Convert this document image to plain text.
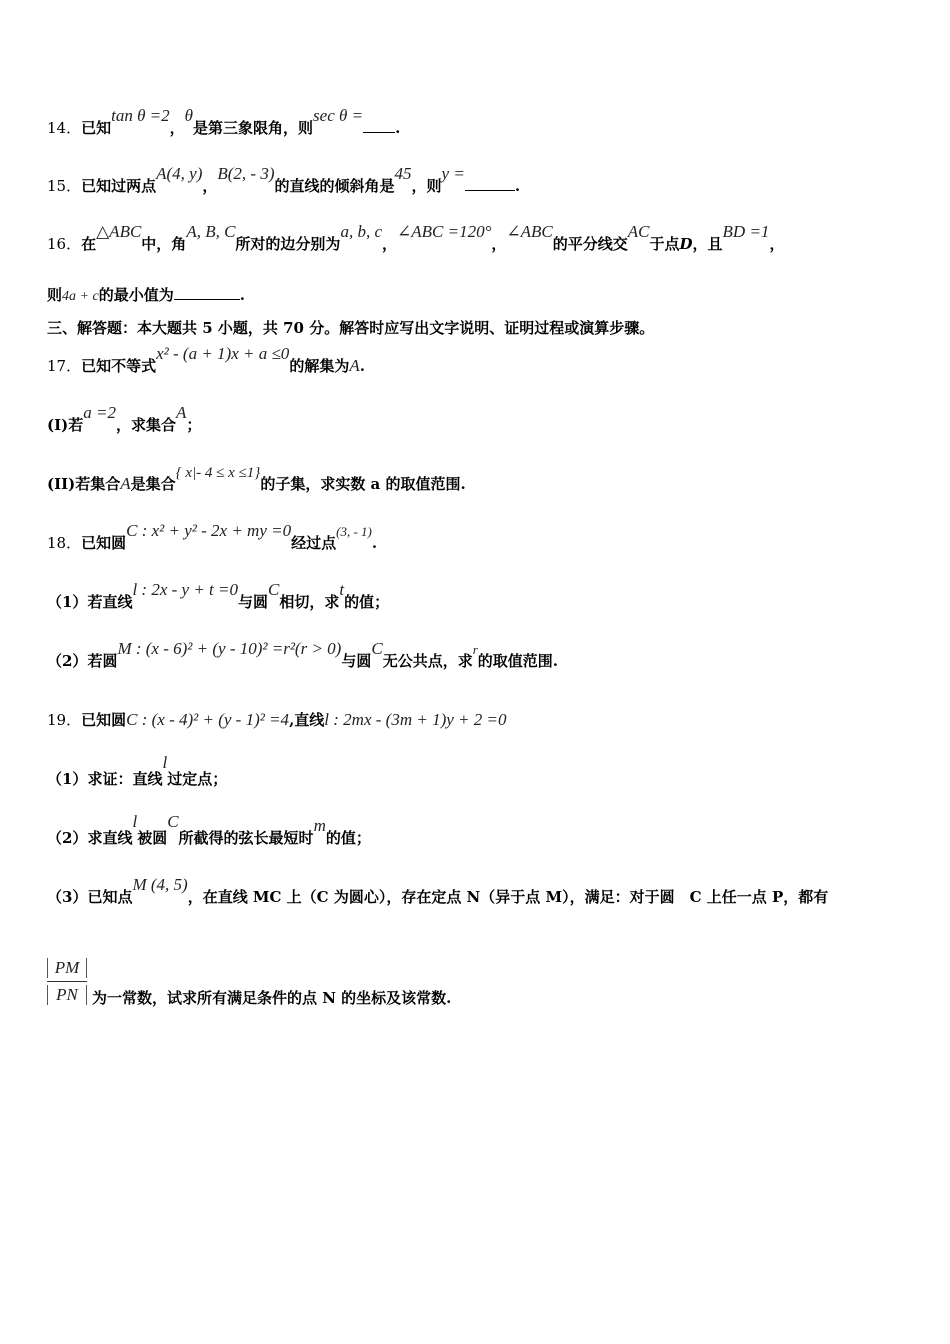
14．已知tan θ =2，θ是第三象限角，则sec θ =.
15．已知过两点A(4, y)，B(2, - 3)的直线的倾斜角是45，则y =.
16．在△ABC中，角A, B, C所对的边分别为a, b, c，∠ABC =120°，∠ABC的平分线交AC于点D，且BD =1，
则4a + c的最小值为	.
三、解答题：本大题共 5 小题，共 70 分。解答时应写出文字说明、证明过程或演算步骤。
17．已知不等式x² - (a + 1)x + a ≤0的解集为A.
(I)若a =2，求集合A；
(II)若集合A是集合{ x|- 4 ≤ x ≤1}的子集，求实数 a 的取值范围.
18．已知圆C : x² + y² - 2x + my =0经过点(3, - 1).
（1）若直线l : 2x - y + t =0与圆C相切，求t的值；
（2）若圆M : (x - 6)² + (y - 10)² =r²(r > 0)与圆C无公共点，求r的取值范围.
19．已知圆C : (x - 4)² + (y - 1)² =4,直线l : 2mx - (3m + 1)y + 2 =0
（1）求证：直线l过定点；
（2）求直线l被圆C所截得的弦长最短时m的值；
（3）已知点M (4, 5)，在直线 MC 上（C 为圆心），存在定点 N（异于点 M），满足：对于圆　C 上任一点 P，都有
PM
PN 为一常数，试求所有满足条件的点 N 的坐标及该常数.
